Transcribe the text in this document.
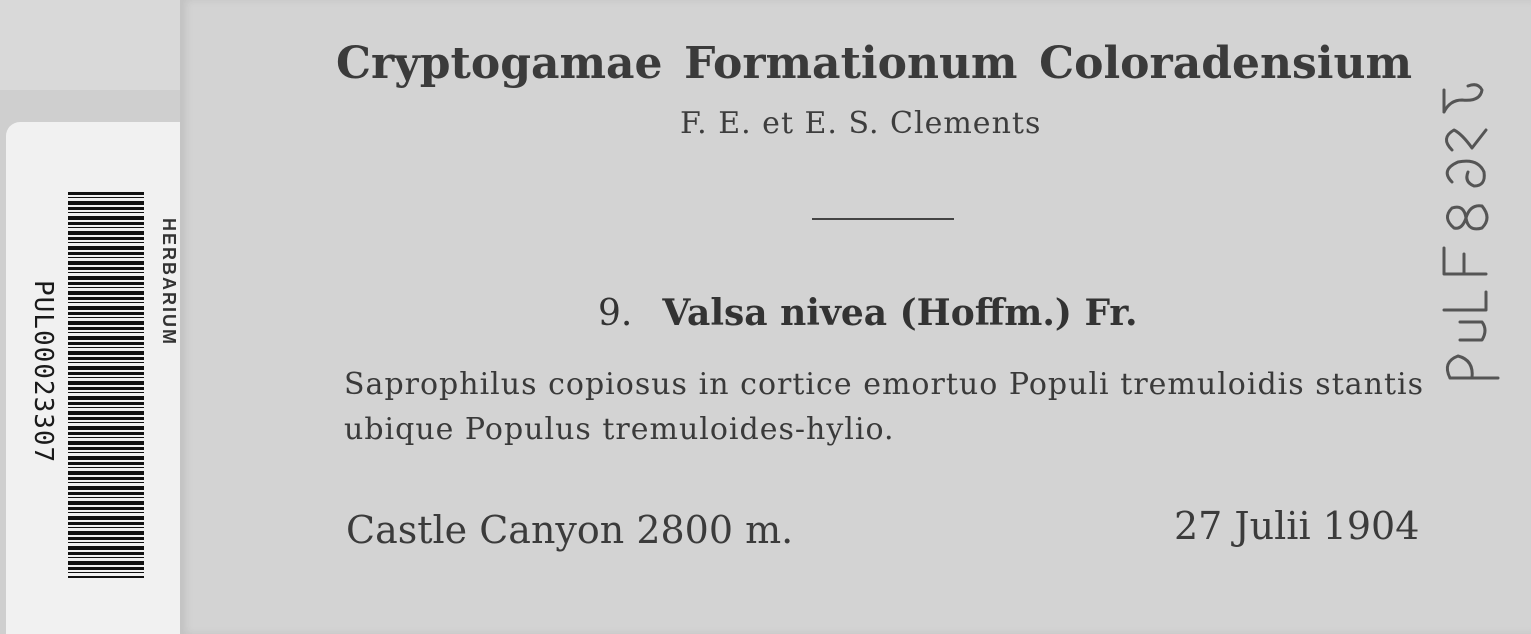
PUL00023307	HERBARIUM
Cryptogamae Formationum Coloradensium
F. E. et E. S. Clements
9. Valsa nivea (Hoffm.) Fr.
Saprophilus copiosus in cortice emortuo Populi tremuloidis stantis ubique Populus tremuloides-hylio.
Castle Canyon 2800 m.	27 Julii 1904
